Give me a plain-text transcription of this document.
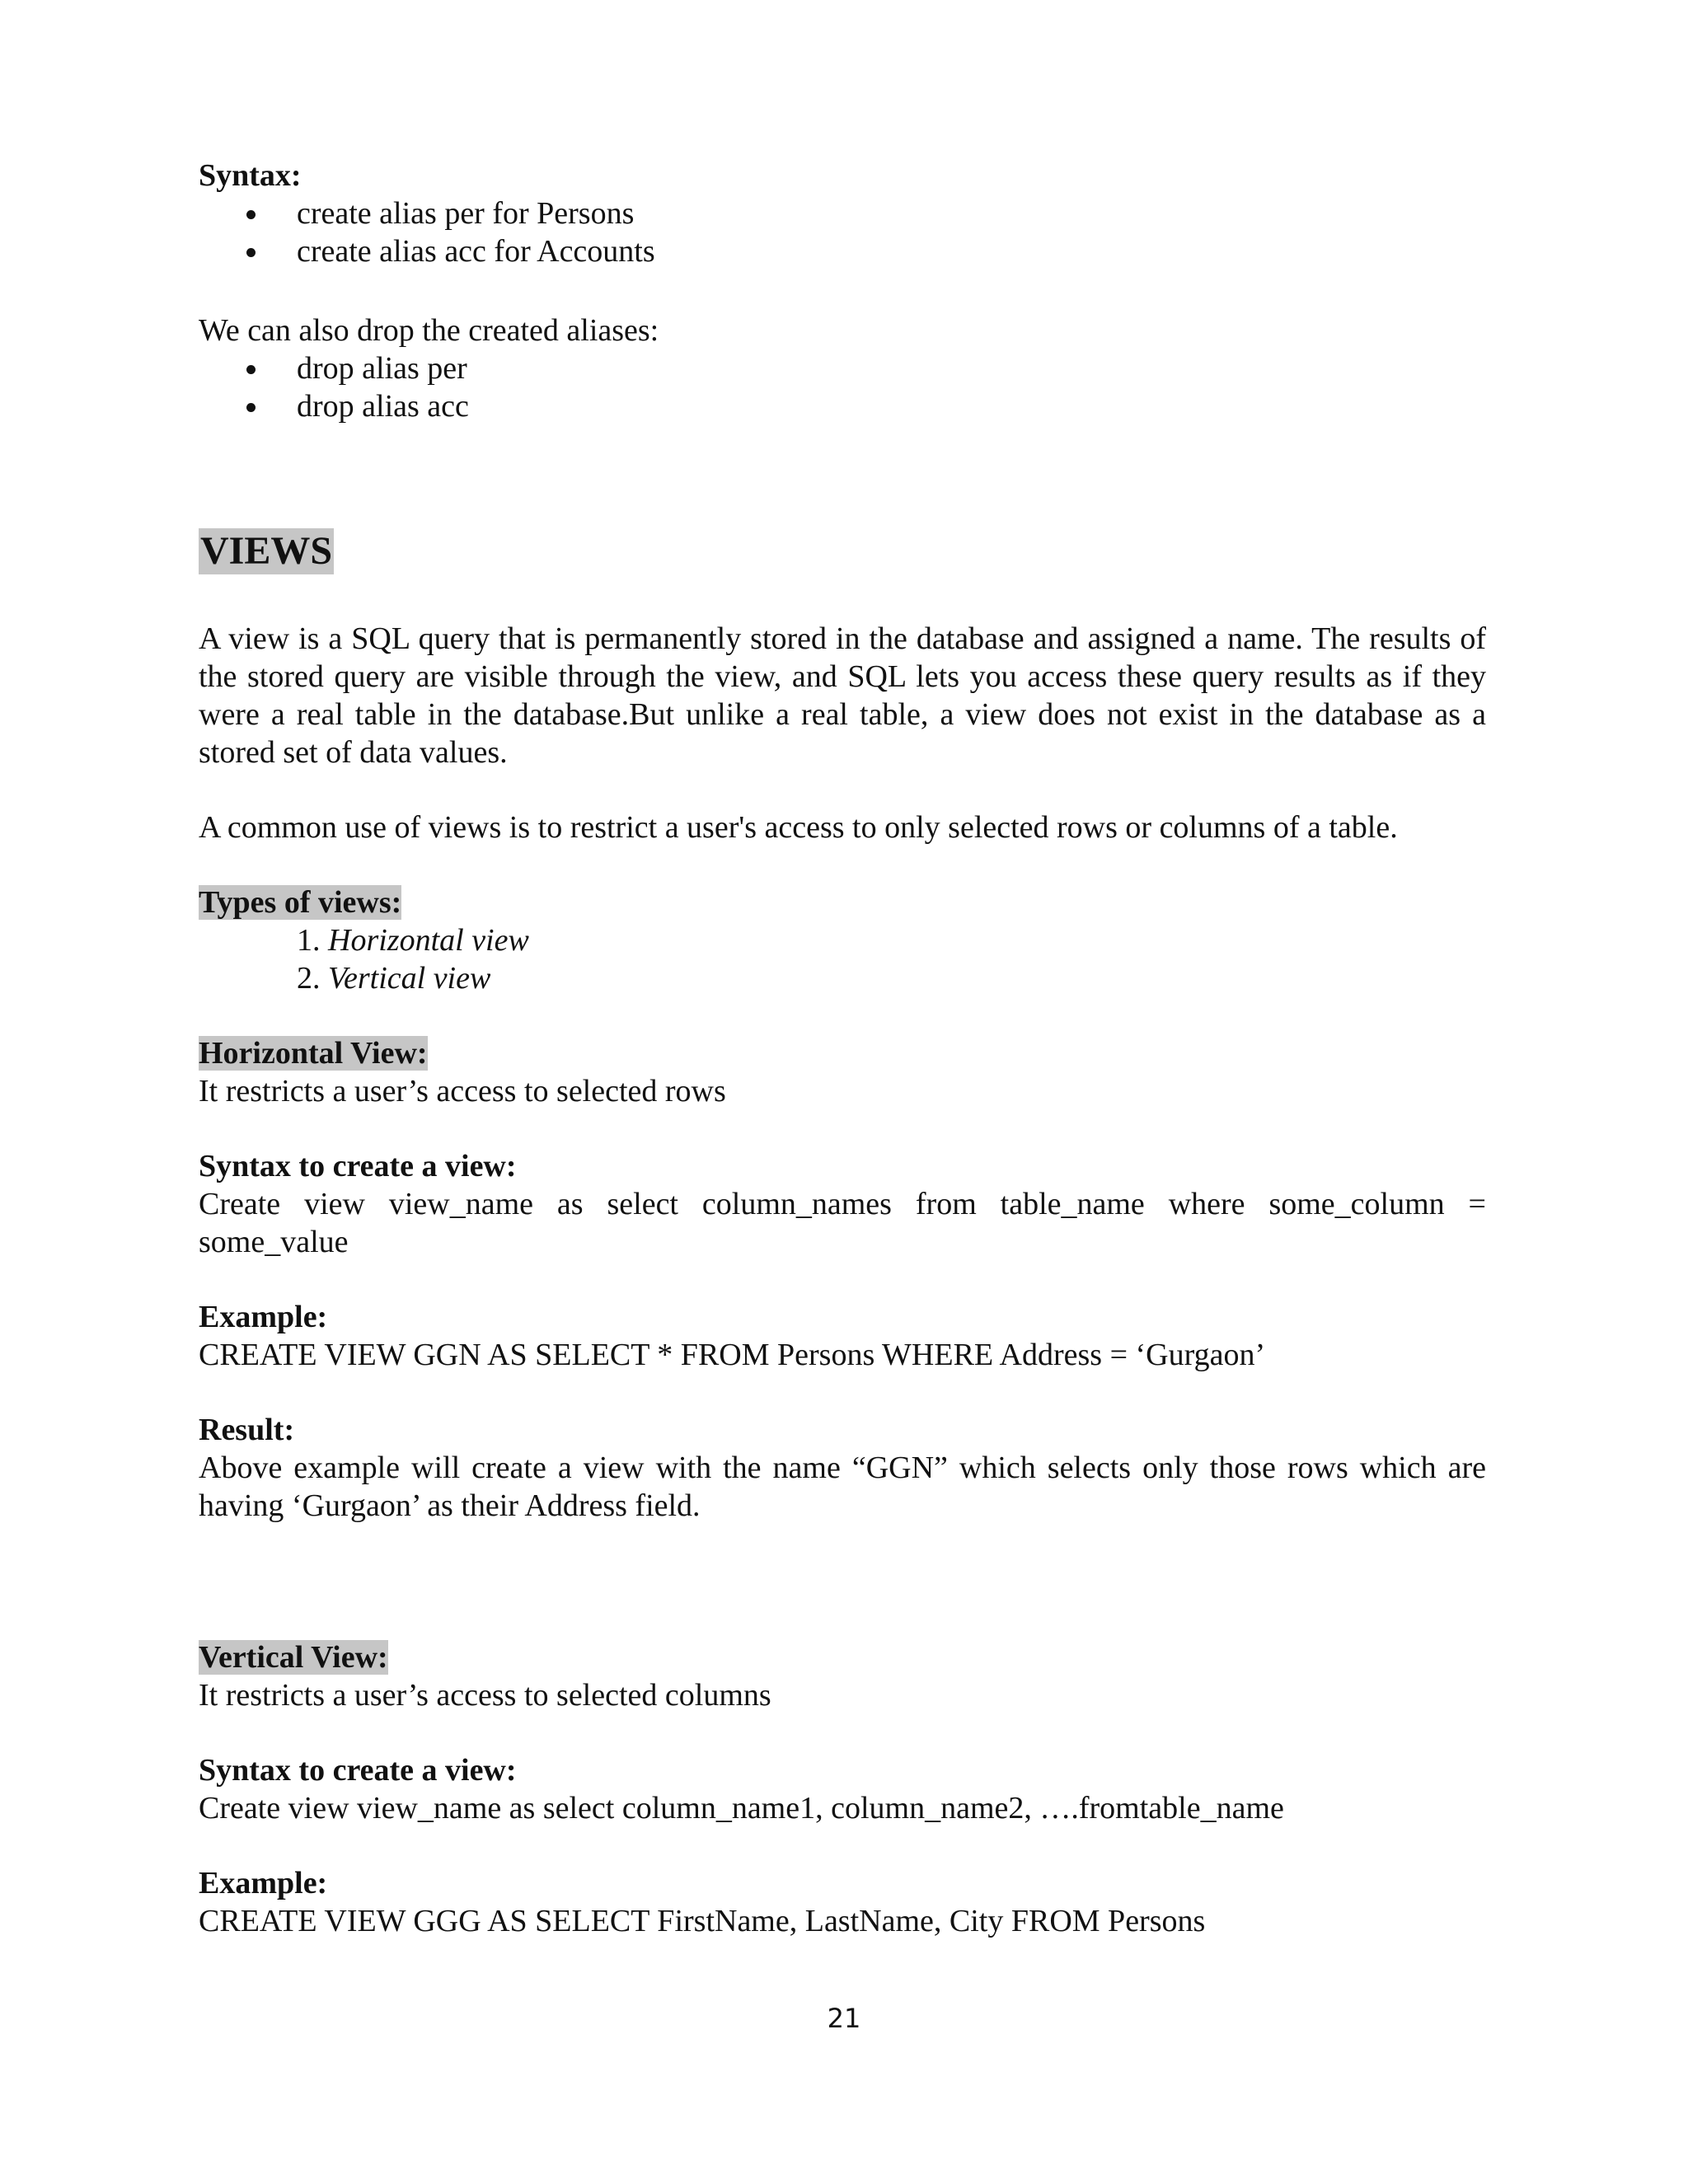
Syntax:

create alias per for Persons
create alias acc for Accounts

We can also drop the created aliases:

drop alias per
drop alias acc
VIEWS

A view is a SQL query that is permanently stored in the database and assigned a name. The results of the stored query are visible through the view, and SQL lets you access these query results as if they were a real table in the database.But unlike a real table, a view does not exist in the database as a stored set of data values.

A common use of views is to restrict a user's access to only selected rows or columns of a table.

Types of views:

1. Horizontal view
2. Vertical view

Horizontal View:

It restricts a user’s access to selected rows

Syntax to create a view:

Create view view_name as select column_names from table_name where some_column =

some_value

Example:

CREATE VIEW GGN AS SELECT * FROM Persons WHERE Address = ‘Gurgaon’

Result:

Above example will create a view with the name “GGN” which selects only those rows which are having ‘Gurgaon’ as their Address field.

Vertical View:

It restricts a user’s access to selected columns

Syntax to create a view:

Create view view_name as select column_name1, column_name2, ….fromtable_name

Example:

CREATE VIEW GGG AS SELECT FirstName, LastName, City FROM Persons

21
